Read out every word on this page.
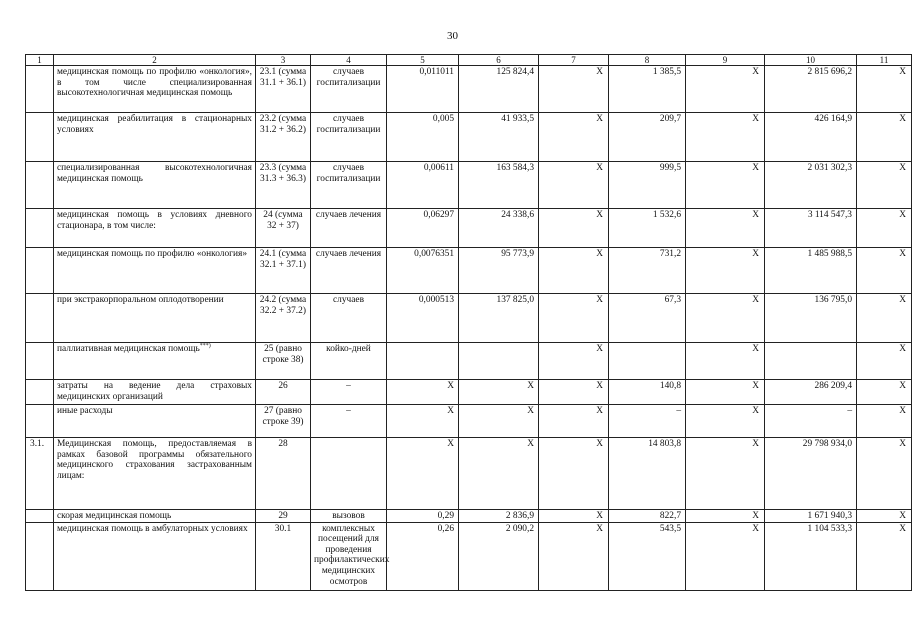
30
1	2	3	4	5	6	7	8	9	10	11
	медицинская помощь по профилю «онкология», в том числе специализированная высокотехнологичная медицинская помощь	23.1 (сумма 31.1 + 36.1)	случаев госпитализации	0,011011	125 824,4	X	1 385,5	X	2 815 696,2	X
	медицинская реабилитация в стационарных условиях	23.2 (сумма 31.2 + 36.2)	случаев госпитализации	0,005	41 933,5	X	209,7	X	426 164,9	X
	специализированная высокотехнологичная медицинская помощь	23.3 (сумма 31.3 + 36.3)	случаев госпитализации	0,00611	163 584,3	X	999,5	X	2 031 302,3	X
	медицинская помощь в условиях дневного стационара, в том числе:	24 (сумма 32 + 37)	случаев лечения	0,06297	24 338,6	X	1 532,6	X	3 114 547,3	X
	медицинская помощь по профилю «онкология»	24.1 (сумма 32.1 + 37.1)	случаев лечения	0,0076351	95 773,9	X	731,2	X	1 485 988,5	X
	при экстракорпоральном оплодотворении	24.2 (сумма 32.2 + 37.2)	случаев	0,000513	137 825,0	X	67,3	X	136 795,0	X
	паллиативная медицинская помощь***)	25 (равно строке 38)	койко-дней			X		X		X
	затраты на ведение дела страховых медицинских организаций	26	–	X	X	X	140,8	X	286 209,4	X
	иные расходы	27 (равно строке 39)	–	X	X	X	–	X	–	X
3.1.	Медицинская помощь, предоставляемая в рамках базовой программы обязательного медицинского страхования застрахованным лицам:	28		X	X	X	14 803,8	X	29 798 934,0	X
	скорая медицинская помощь	29	вызовов	0,29	2 836,9	X	822,7	X	1 671 940,3	X
	медицинская помощь в амбулаторных условиях	30.1	комплексных посещений для проведения профилактических медицинских осмотров	0,26	2 090,2	X	543,5	X	1 104 533,3	X
